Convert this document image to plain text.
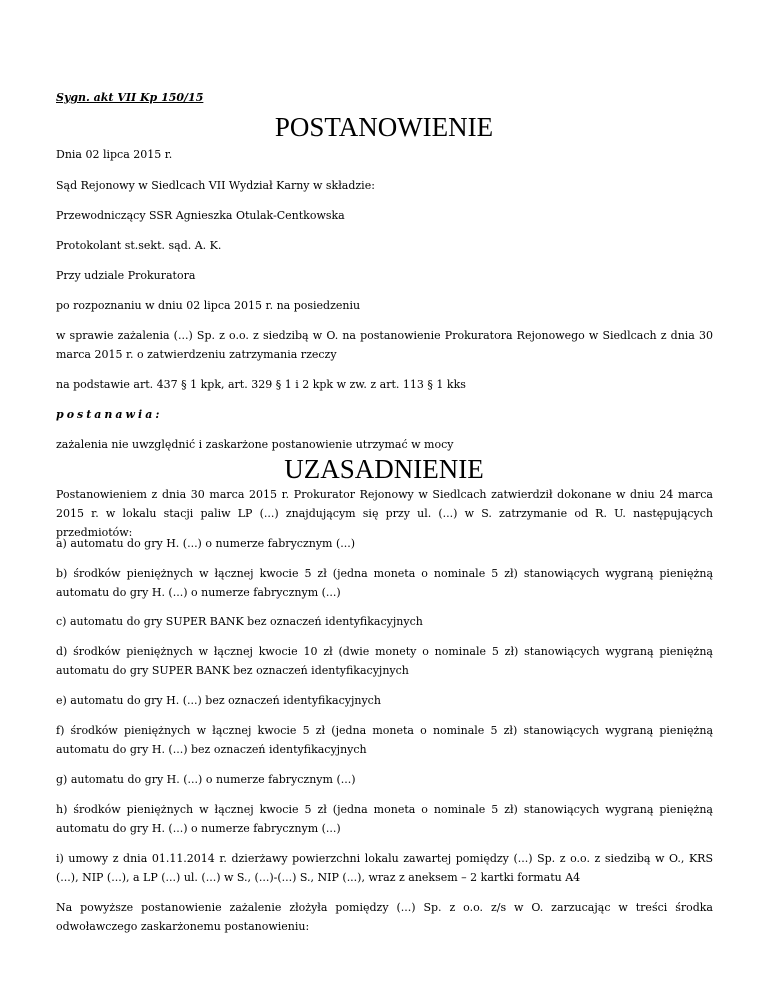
Sygn. akt VII Kp 150/15

POSTANOWIENIE

Dnia 02 lipca 2015 r.

Sąd Rejonowy w Siedlcach VII Wydział Karny w składzie:

Przewodniczący SSR Agnieszka Otulak-Centkowska

Protokolant st.sekt. sąd. A. K.

Przy udziale Prokuratora

po rozpoznaniu w dniu 02 lipca 2015 r. na posiedzeniu

w sprawie zażalenia (...) Sp. z o.o. z siedzibą w O. na postanowienie Prokuratora Rejonowego w Siedlcach z dnia 30 marca 2015 r. o zatwierdzeniu zatrzymania rzeczy

na podstawie art. 437 § 1 kpk, art. 329 § 1 i 2 kpk w zw. z art. 113 § 1 kks

postanawia:

zażalenia nie uwzględnić i zaskarżone postanowienie utrzymać w mocy

UZASADNIENIE

Postanowieniem z dnia 30 marca 2015 r. Prokurator Rejonowy w Siedlcach zatwierdził dokonane w dniu 24 marca 2015 r. w lokalu stacji paliw LP (...) znajdującym się przy ul. (...) w S. zatrzymanie od R. U. następujących przedmiotów:

a) automatu do gry H. (...) o numerze fabrycznym (...)

b) środków pieniężnych w łącznej kwocie 5 zł (jedna moneta o nominale 5 zł) stanowiących wygraną pieniężną automatu do gry H. (...) o numerze fabrycznym (...)

c) automatu do gry SUPER BANK bez oznaczeń identyfikacyjnych

d) środków pieniężnych w łącznej kwocie 10 zł (dwie monety o nominale 5 zł) stanowiących wygraną pieniężną automatu do gry SUPER BANK bez oznaczeń identyfikacyjnych

e) automatu do gry H. (...) bez oznaczeń identyfikacyjnych

f) środków pieniężnych w łącznej kwocie 5 zł (jedna moneta o nominale 5 zł) stanowiących wygraną pieniężną automatu do gry H. (...) bez oznaczeń identyfikacyjnych

g) automatu do gry H. (...) o numerze fabrycznym (...)

h) środków pieniężnych w łącznej kwocie 5 zł (jedna moneta o nominale 5 zł) stanowiących wygraną pieniężną automatu do gry H. (...) o numerze fabrycznym (...)

i) umowy z dnia 01.11.2014 r. dzierżawy powierzchni lokalu zawartej pomiędzy (...) Sp. z o.o. z siedzibą w O., KRS (...), NIP (...), a LP (...) ul. (...) w S., (...)-(...) S., NIP (...), wraz z aneksem – 2 kartki formatu A4

Na powyższe postanowienie zażalenie złożyła pomiędzy (...) Sp. z o.o. z/s w O. zarzucając w treści środka odwoławczego zaskarżonemu postanowieniu:
